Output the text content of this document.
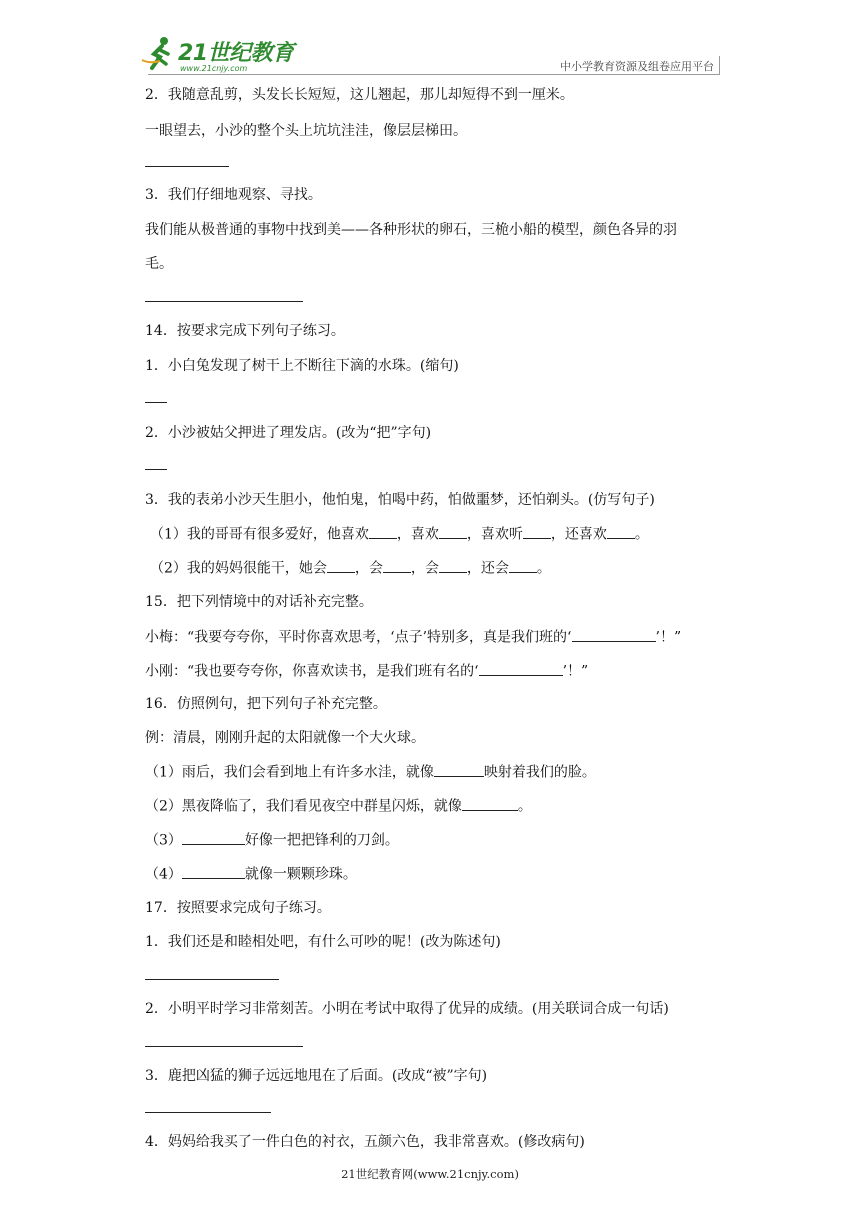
21世纪教育
www.21cnjy.com	中小学教育资源及组卷应用平台
2．我随意乱剪，头发长长短短，这儿翘起，那儿却短得不到一厘米。
一眼望去，小沙的整个头上坑坑洼洼，像层层梯田。
3．我们仔细地观察、寻找。
我们能从极普通的事物中找到美——各种形状的卵石，三桅小船的模型，颜色各异的羽
毛。
14．按要求完成下列句子练习。
1．小白兔发现了树干上不断往下滴的水珠。(缩句)
2．小沙被姑父押进了理发店。(改为“把”字句)
3．我的表弟小沙天生胆小，他怕鬼，怕喝中药，怕做噩梦，还怕剃头。(仿写句子)
（1）我的哥哥有很多爱好，他喜欢 ，喜欢 ，喜欢听 ，还喜欢 。
（2）我的妈妈很能干，她会 ，会 ，会 ，还会 。
15．把下列情境中的对话补充完整。
小梅：“我要夸夸你，平时你喜欢思考，‘点子’特别多，真是我们班的‘	’！”
小刚：“我也要夸夸你，你喜欢读书，是我们班有名的‘	’！”
16．仿照例句，把下列句子补充完整。
例：清晨，刚刚升起的太阳就像一个大火球。
（1）雨后，我们会看到地上有许多水洼，就像	映射着我们的脸。
（2）黑夜降临了，我们看见夜空中群星闪烁，就像	。
（3）	好像一把把锋利的刀剑。
（4）	就像一颗颗珍珠。
17．按照要求完成句子练习。
1．我们还是和睦相处吧，有什么可吵的呢！(改为陈述句)
2．小明平时学习非常刻苦。小明在考试中取得了优异的成绩。(用关联词合成一句话)
3．鹿把凶猛的狮子远远地甩在了后面。(改成“被”字句)
4．妈妈给我买了一件白色的衬衣，五颜六色，我非常喜欢。(修改病句)
21世纪教育网(www.21cnjy.com)
